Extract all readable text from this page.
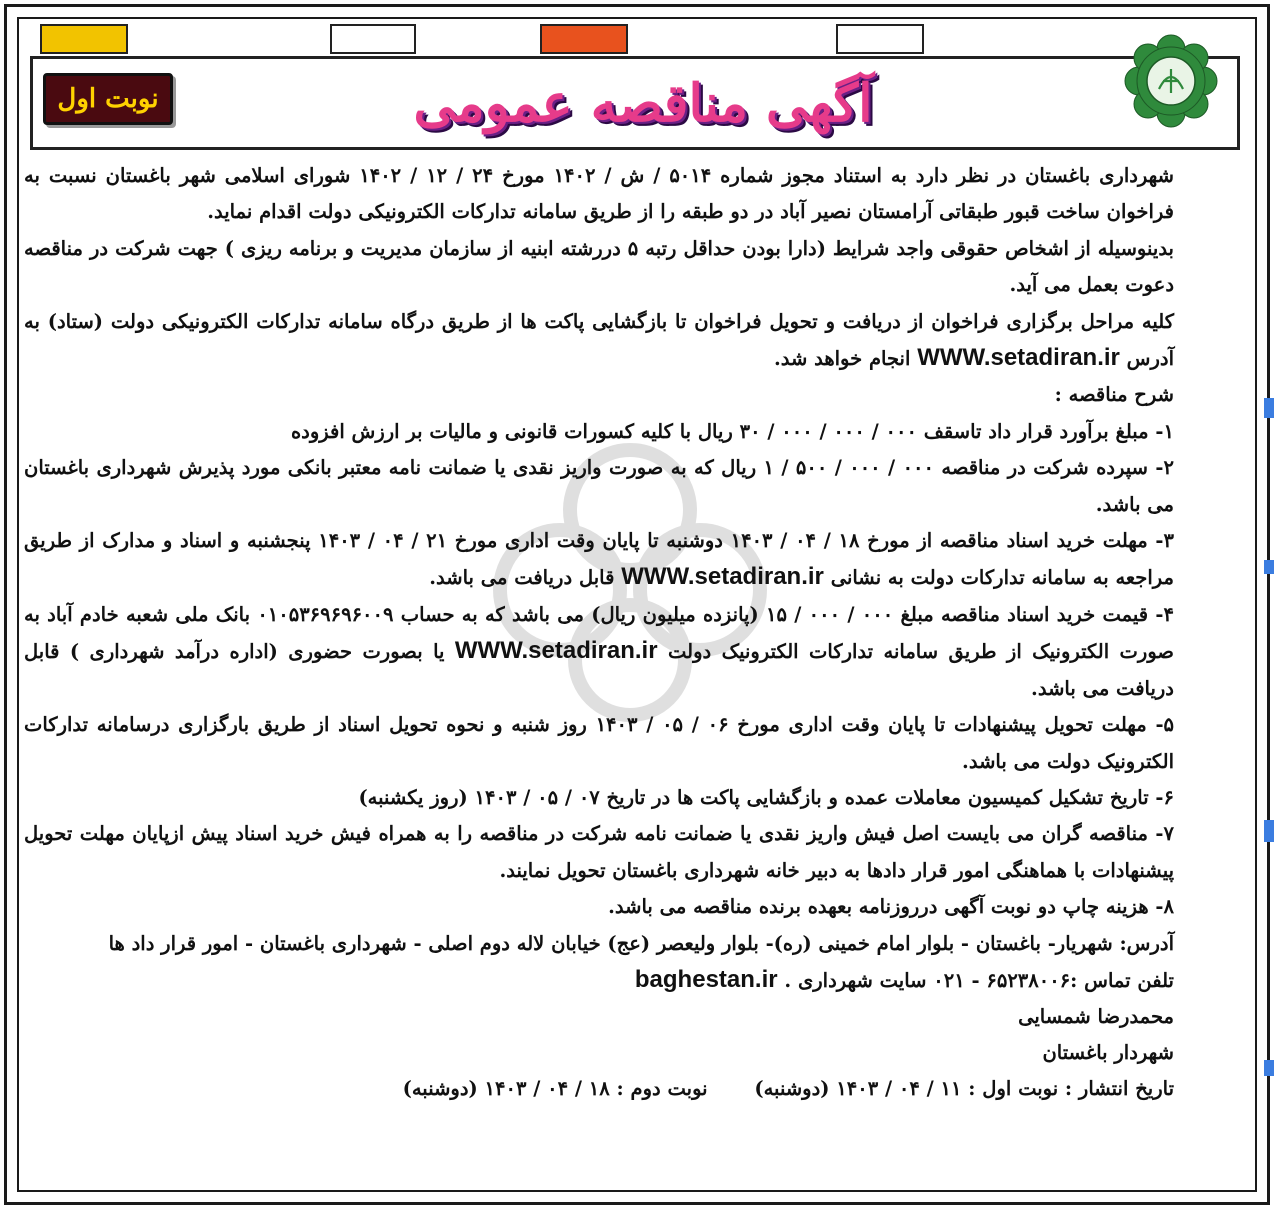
نوبت اول	آگهی مناقصه عمومی

شهرداری باغستان در نظر دارد به استناد مجوز شماره ۵۰۱۴ / ش / ۱۴۰۲ مورخ ۲۴ / ۱۲ / ۱۴۰۲ شورای اسلامی شهر باغستان نسبت به فراخوان ساخت قبور طبقاتی آرامستان نصیر آباد در دو طبقه را از طریق سامانه تدارکات الکترونیکی دولت اقدام نماید.

بدینوسیله از اشخاص حقوقی واجد شرایط (دارا بودن حداقل رتبه ۵ دررشته ابنیه از سازمان مدیریت و برنامه ریزی ) جهت شرکت در مناقصه دعوت بعمل می آید.

کلیه مراحل برگزاری فراخوان از دریافت و تحویل فراخوان تا بازگشایی پاکت ها از طریق درگاه سامانه تدارکات الکترونیکی دولت (ستاد) به آدرس WWW.setadiran.ir انجام خواهد شد.

شرح مناقصه :

۱- مبلغ برآورد قرار داد تاسقف ۰۰۰ / ۰۰۰ / ۰۰۰ / ۳۰ ریال با کلیه کسورات قانونی و مالیات بر ارزش افزوده

۲- سپرده شرکت در مناقصه ۰۰۰ / ۰۰۰ / ۵۰۰ / ۱ ریال که به صورت واریز نقدی یا ضمانت نامه معتبر بانکی مورد پذیرش شهرداری باغستان می باشد.

۳- مهلت خرید اسناد مناقصه از مورخ ۱۸ / ۰۴ / ۱۴۰۳ دوشنبه تا پایان وقت اداری مورخ ۲۱ / ۰۴ / ۱۴۰۳ پنجشنبه و اسناد و مدارک از طریق مراجعه به سامانه تدارکات دولت به نشانی WWW.setadiran.ir قابل دریافت می باشد.

۴- قیمت خرید اسناد مناقصه مبلغ ۰۰۰ / ۰۰۰ / ۱۵ (پانزده میلیون ریال) می باشد که به حساب ۰۱۰۵۳۶۹۶۹۶۰۰۹ بانک ملی شعبه خادم آباد به صورت الکترونیک از طریق سامانه تدارکات الکترونیک دولت WWW.setadiran.ir یا بصورت حضوری (اداره درآمد شهرداری ) قابل دریافت می باشد.

۵- مهلت تحویل پیشنهادات تا پایان وقت اداری مورخ ۰۶ / ۰۵ / ۱۴۰۳ روز شنبه و نحوه تحویل اسناد از طریق بارگزاری درسامانه تدارکات الکترونیک دولت می باشد.

۶- تاریخ تشکیل کمیسیون معاملات عمده و بازگشایی پاکت ها در تاریخ ۰۷ / ۰۵ / ۱۴۰۳ (روز یکشنبه)

۷- مناقصه گران می بایست اصل فیش واریز نقدی یا ضمانت نامه شرکت در مناقصه را به همراه فیش خرید اسناد پیش ازپایان مهلت تحویل پیشنهادات با هماهنگی امور قرار دادها به دبیر خانه شهرداری باغستان تحویل نمایند.

۸- هزینه چاپ دو نوبت آگهی درروزنامه بعهده برنده مناقصه می باشد.

آدرس: شهریار- باغستان - بلوار امام خمینی (ره)- بلوار ولیعصر (عج) خیابان لاله دوم اصلی - شهرداری باغستان - امور قرار داد ها

تلفن تماس :۶۵۲۳۸۰۰۶ - ۰۲۱ سایت شهرداری . baghestan.ir

محمدرضا شمسایی

شهردار باغستان

تاریخ انتشار : نوبت اول : ۱۱ / ۰۴ / ۱۴۰۳ (دوشنبه) نوبت دوم : ۱۸ / ۰۴ / ۱۴۰۳ (دوشنبه)
